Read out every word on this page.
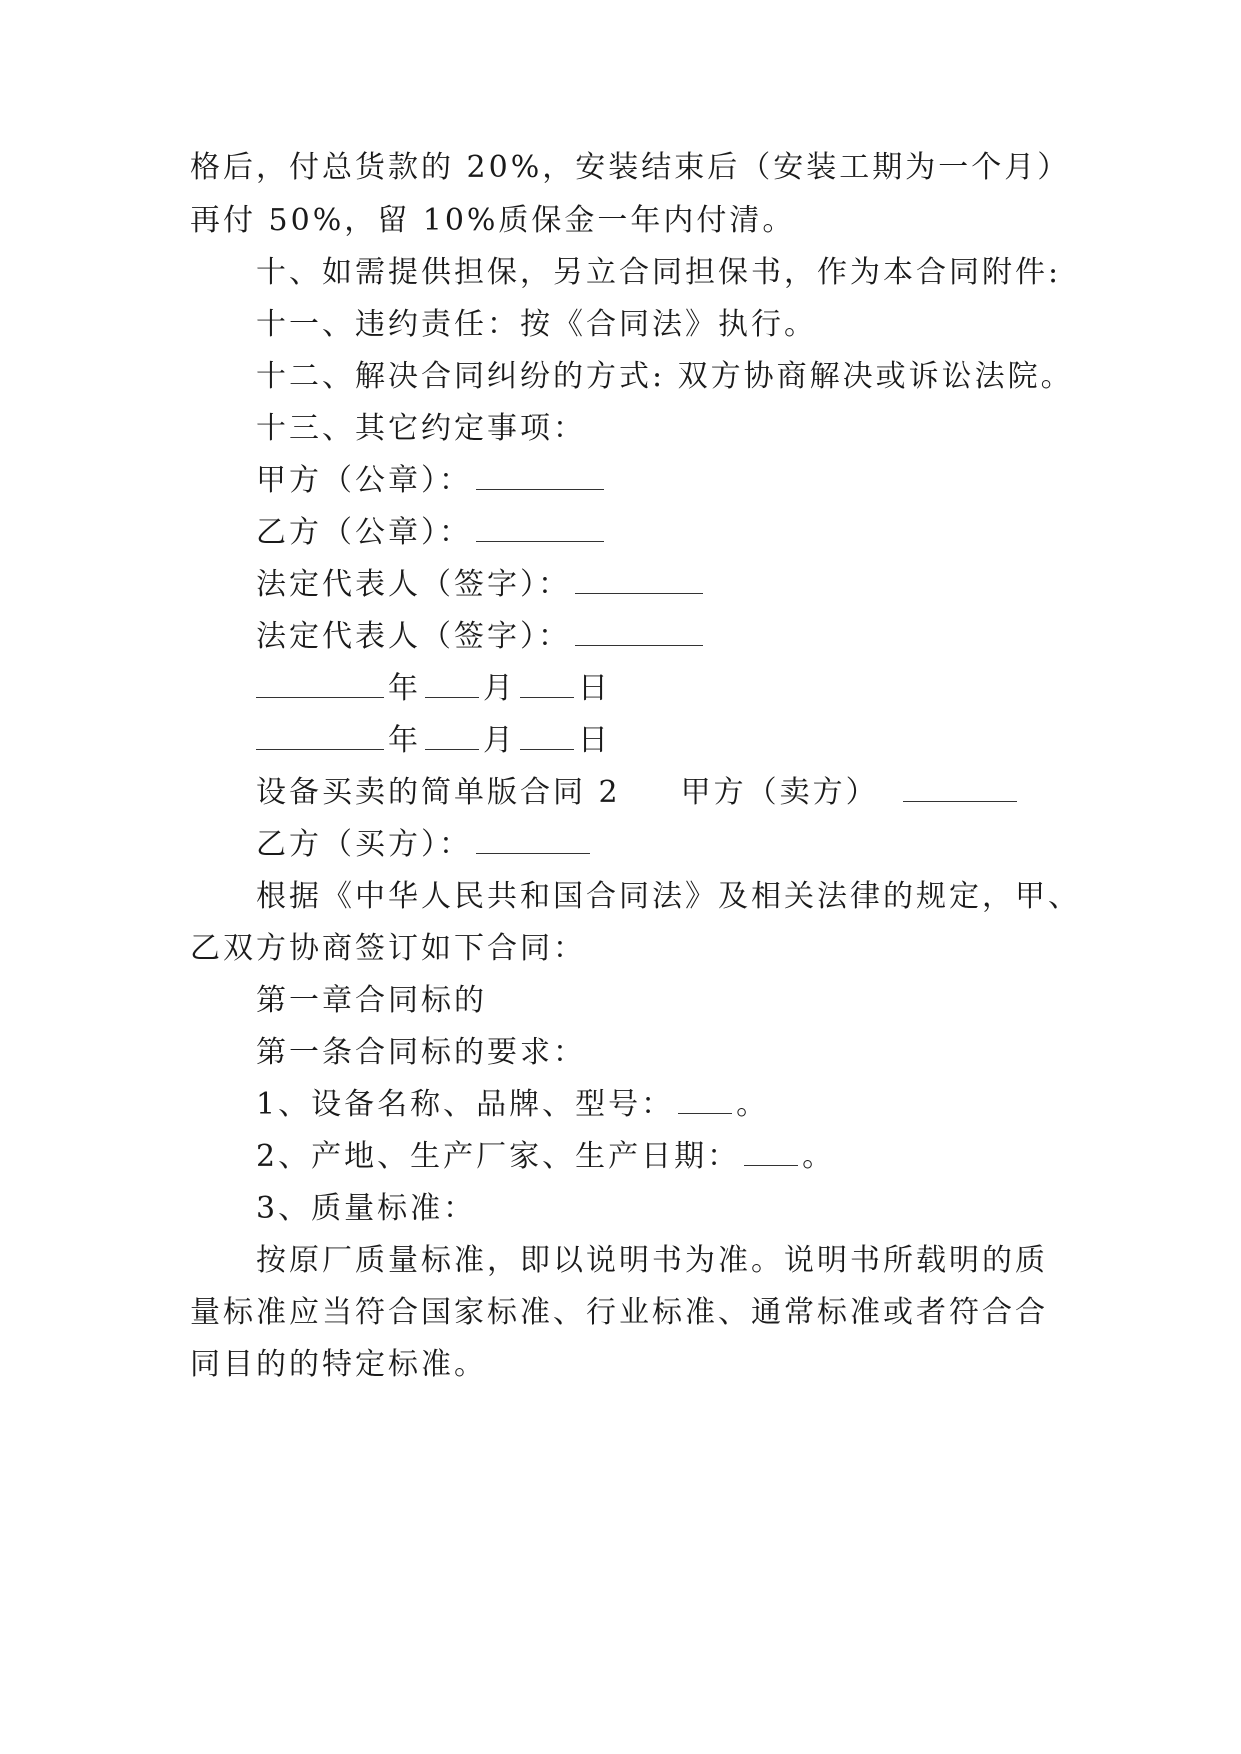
格后，付总货款的 20%，安装结束后（安装工期为一个月）
再付 50%，留 10%质保金一年内付清。
十、如需提供担保，另立合同担保书，作为本合同附件:
十一、违约责任：按《合同法》执行。
十二、解决合同纠纷的方式: 双方协商解决或诉讼法院。
十三、其它约定事项：
甲方（公章）：
乙方（公章）：
法定代表人（签字）：
法定代表人（签字）：
年 月 日
年 月 日
设备买卖的简单版合同 2 甲方（卖方）
乙方（买方）：
根据《中华人民共和国合同法》及相关法律的规定，甲、
乙双方协商签订如下合同：
第一章合同标的
第一条合同标的要求：
1、设备名称、品牌、型号： 。
2、产地、生产厂家、生产日期： 。
3、质量标准：
按原厂质量标准，即以说明书为准。说明书所载明的质
量标准应当符合国家标准、行业标准、通常标准或者符合合
同目的的特定标准。
